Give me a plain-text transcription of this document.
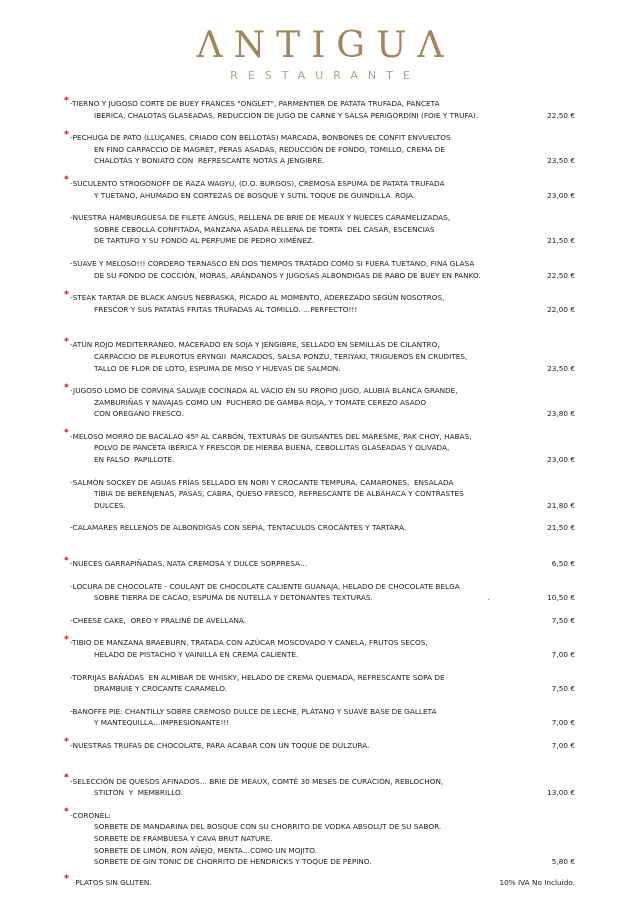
ΛNTIGUΛ
RESTAURANTE
*-TIERNO Y JUGOSO CORTE DE BUEY FRANCES "ONGLET", PARMENTIER DE PATATA TRUFADA, PANCETA
IBERICA, CHALOTAS GLASEADAS, REDUCCION DE JUGO DE CARNE Y SALSA PERIGORDINI (FOIE Y TRUFA).	22,50 €
*-PECHUGA DE PATO (LLUÇANES, CRIADO CON BELLOTAS) MARCADA, BONBONES DE CONFIT ENVUELTOS
EN FINO CARPACCIO DE MAGRET, PERAS ASADAS, REDUCCIÓN DE FONDO, TOMILLO, CREMA DE
CHALOTAS Y BONIATO CON  REFRESCANTE NOTAS A JENGIBRE.	23,50 €
*-SUCULENTO STROGONOFF DE RAZA WAGYU, (D.O. BURGOS), CREMOSA ESPUMA DE PATATA TRUFADA
Y TUÉTANO, AHUMADO EN CORTEZAS DE BOSQUE Y SUTIL TOQUE DE GUINDILLA  ROJA.	23,00 €
-NUESTRA HAMBURGUESA DE FILETE ANGUS, RELLENA DE BRIE DE MEAUX Y NUECES CARAMELIZADAS,
SOBRE CEBOLLA CONFITADA, MANZANA ASADA RELLENA DE TORTA  DEL CASAR, ESCENCIAS
DE TARTUFO Y SU FONDO AL PERFUME DE PEDRO XIMÉNEZ.	21,50 €
-SUAVE Y MELOSO!!! CORDERO TERNASCO EN DOS TIEMPOS TRATADO COMO SI FUERA TUETANO, FINA GLASA
DE SU FONDO DE COCCIÓN, MORAS, ARÁNDANOS Y JUGOSAS ALBONDIGAS DE RABO DE BUEY EN PANKO.	22,50 €
*-STEAK TARTAR DE BLACK ANGUS NEBRASKA, PICADO AL MOMENTO, ADEREZADO SEGÚN NOSOTROS,
FRESCOR Y SUS PATATAS FRITAS TRUFADAS AL TOMILLO. …PERFECTO!!!	22,00 €
*-ATUN ROJO MEDITERRANEO, MACERADO EN SOJA Y JENGIBRE, SELLADO EN SEMILLAS DE CILANTRO,
CARPACCIO DE PLEUROTUS ERYNGII  MARCADOS, SALSA PONZU, TERIYAKI, TRIGUEROS EN CRUDITES,
TALLO DE FLOR DE LOTO, ESPUMA DE MISO Y HUEVAS DE SALMON.	23,50 €
*-JUGOSO LOMO DE CORVINA SALVAJE COCINADA AL VACIO EN SU PROPIO JUGO, ALUBIA BLANCA GRANDE,
ZAMBURIÑAS Y NAVAJAS COMO UN  PUCHERO DE GAMBA ROJA, Y TOMATE CEREZO ASADO
CON OREGANO FRESCO.	23,80 €
*-MELOSO MORRO DE BACALAO 45º AL CARBÓN, TEXTURAS DE GUISANTES DEL MARESME, PAK CHOY, HABAS,
POLVO DE PANCETA IBÉRICA Y FRESCOR DE HIERBA BUENA, CEBOLLITAS GLASEADAS Y OLIVADA,
EN FALSO  PAPILLOTE.	23,00 €
-SALMÓN SOCKEY DE AGUAS FRÍAS SELLADO EN NORI Y CROCANTE TEMPURA, CAMARONES,  ENSALADA
TIBIA DE BERENJENAS, PASAS, CABRA, QUESO FRESCO, REFRESCANTE DE ALBAHACA Y CONTRASTES
DULCES.	21,80 €
-CALAMARES RELLENOS DE ALBONDIGAS CON SEPIA, TENTACULOS CROCANTES Y TARTARA.	21,50 €
*-NUECES GARRAPIÑADAS, NATA CREMOSA Y DULCE SORPRESA…	6,50 €
-LOCURA DE CHOCOLATE - COULANT DE CHOCOLATE CALIENTE GUANAJA, HELADO DE CHOCOLATE BELGA
SOBRE TIERRA DE CACAO, ESPUMA DE NUTELLA Y DETONANTES TEXTURAS.	.	10,50 €
-CHEESE CAKE,  OREO Y PRALINÉ DE AVELLANA.	7,50 €
*-TIBIO DE MANZANA BRAEBURN, TRATADA CON AZÚCAR MOSCOVADO Y CANELA, FRUTOS SECOS,
HELADO DE PISTACHO Y VAINILLA EN CREMA CALIENTE.	7,00 €
-TORRIJAS BAÑADAS  EN ALMIBAR DE WHISKY, HELADO DE CREMA QUEMADA, REFRESCANTE SOPA DE
DRAMBUIE Y CROCANTE CARAMELO.	7,50 €
-BANOFFE PIE: CHANTILLY SOBRE CREMOSO DULCE DE LECHE, PLÁTANO Y SUAVE BASE DE GALLETA
Y MANTEQUILLA…IMPRESIONANTE!!!	7,00 €
*-NUESTRAS TRUFAS DE CHOCOLATE, PARA ACABAR CON UN TOQUE DE DULZURA.	7,00 €
*-SELECCIÓN DE QUESOS AFINADOS… BRIE DE MEAUX, COMTÉ 30 MESES DE CURACIÓN, REBLOCHON,
STILTON  Y  MEMBRILLO.	13,00 €
*-CORONEL:
SORBETE DE MANDARINA DEL BOSQUE CON SU CHORRITO DE VODKA ABSOLUT DE SU SABOR.
SORBETE DE FRAMBUESA Y CAVA BRUT NATURE.
SORBETE DE LIMÓN, RON AÑEJO, MENTA…COMO UN MOJITO.
SORBETE DE GIN TONIC DE CHORRITO DE HENDRICKS Y TOQUE DE PEPINO.	5,80 €
* PLATOS SIN GLUTEN.	10% IVA No Incluido.
